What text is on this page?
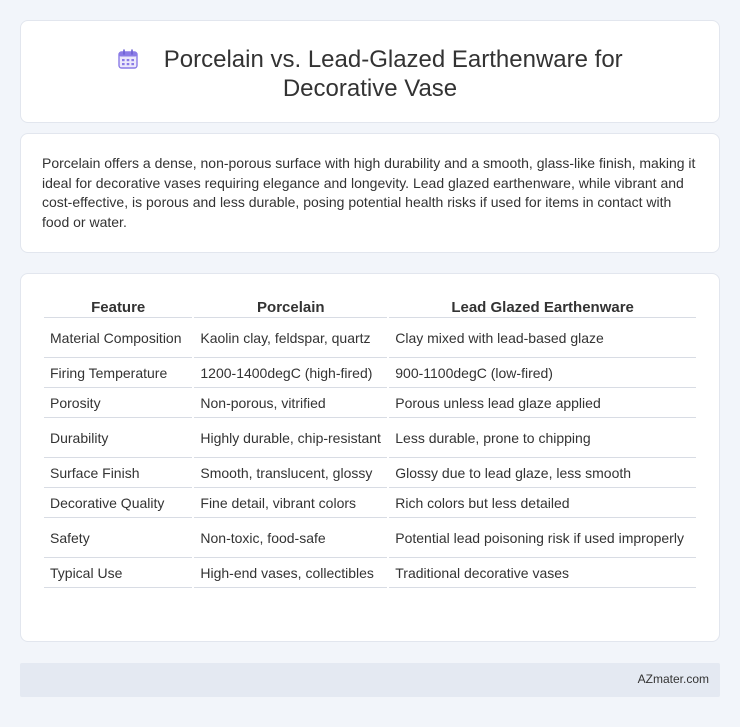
Porcelain vs. Lead-Glazed Earthenware for Decorative Vase

Porcelain offers a dense, non-porous surface with high durability and a smooth, glass-like finish, making it ideal for decorative vases requiring elegance and longevity. Lead glazed earthenware, while vibrant and cost-effective, is porous and less durable, posing potential health risks if used for items in contact with food or water.

Feature	Porcelain	Lead Glazed Earthenware
Material Composition	Kaolin clay, feldspar, quartz	Clay mixed with lead-based glaze
Firing Temperature	1200-1400degC (high-fired)	900-1100degC (low-fired)
Porosity	Non-porous, vitrified	Porous unless lead glaze applied
Durability	Highly durable, chip-resistant	Less durable, prone to chipping
Surface Finish	Smooth, translucent, glossy	Glossy due to lead glaze, less smooth
Decorative Quality	Fine detail, vibrant colors	Rich colors but less detailed
Safety	Non-toxic, food-safe	Potential lead poisoning risk if used improperly
Typical Use	High-end vases, collectibles	Traditional decorative vases
AZmater.com
